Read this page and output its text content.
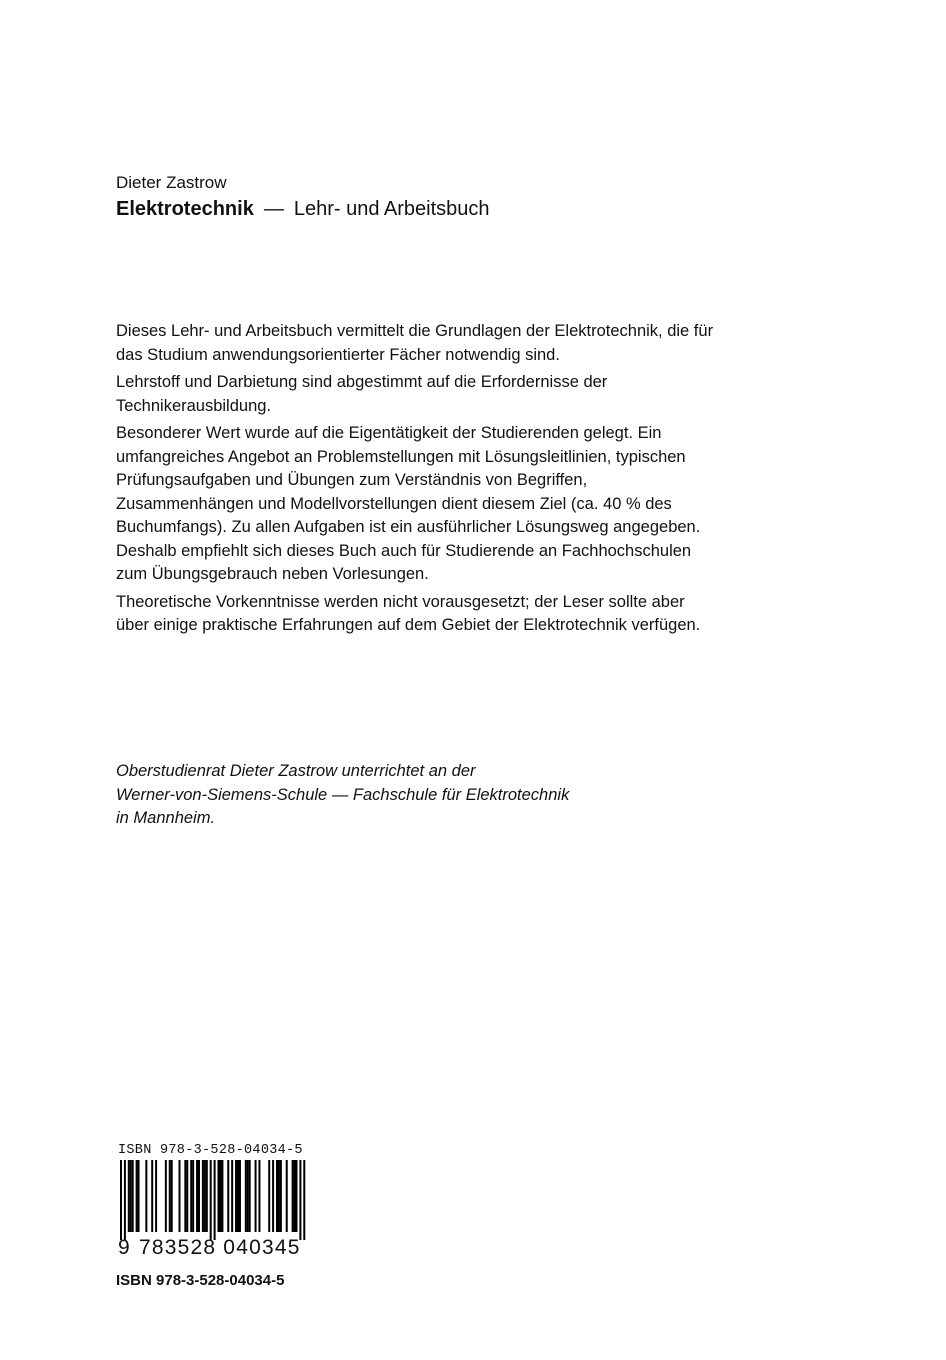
Dieter Zastrow
Elektrotechnik — Lehr- und Arbeitsbuch

Dieses Lehr- und Arbeitsbuch vermittelt die Grundlagen der Elektrotechnik, die für das Studium anwendungsorientierter Fächer notwendig sind.

Lehrstoff und Darbietung sind abgestimmt auf die Erfordernisse der Technikerausbildung.

Besonderer Wert wurde auf die Eigentätigkeit der Studierenden gelegt. Ein umfangreiches Angebot an Problemstellungen mit Lösungsleitlinien, typischen Prüfungsaufgaben und Übungen zum Verständnis von Begriffen, Zusammenhängen und Modellvorstellungen dient diesem Ziel (ca. 40 % des Buchumfangs). Zu allen Aufgaben ist ein ausführlicher Lösungsweg angegeben. Deshalb empfiehlt sich dieses Buch auch für Studierende an Fachhochschulen zum Übungsgebrauch neben Vorlesungen.

Theoretische Vorkenntnisse werden nicht vorausgesetzt; der Leser sollte aber über einige praktische Erfahrungen auf dem Gebiet der Elektrotechnik verfügen.

Oberstudienrat Dieter Zastrow unterrichtet an der

Werner-von-Siemens-Schule — Fachschule für Elektrotechnik

in Mannheim.

ISBN 978-3-528-04034-5
9 783528 040345
ISBN 978-3-528-04034-5
